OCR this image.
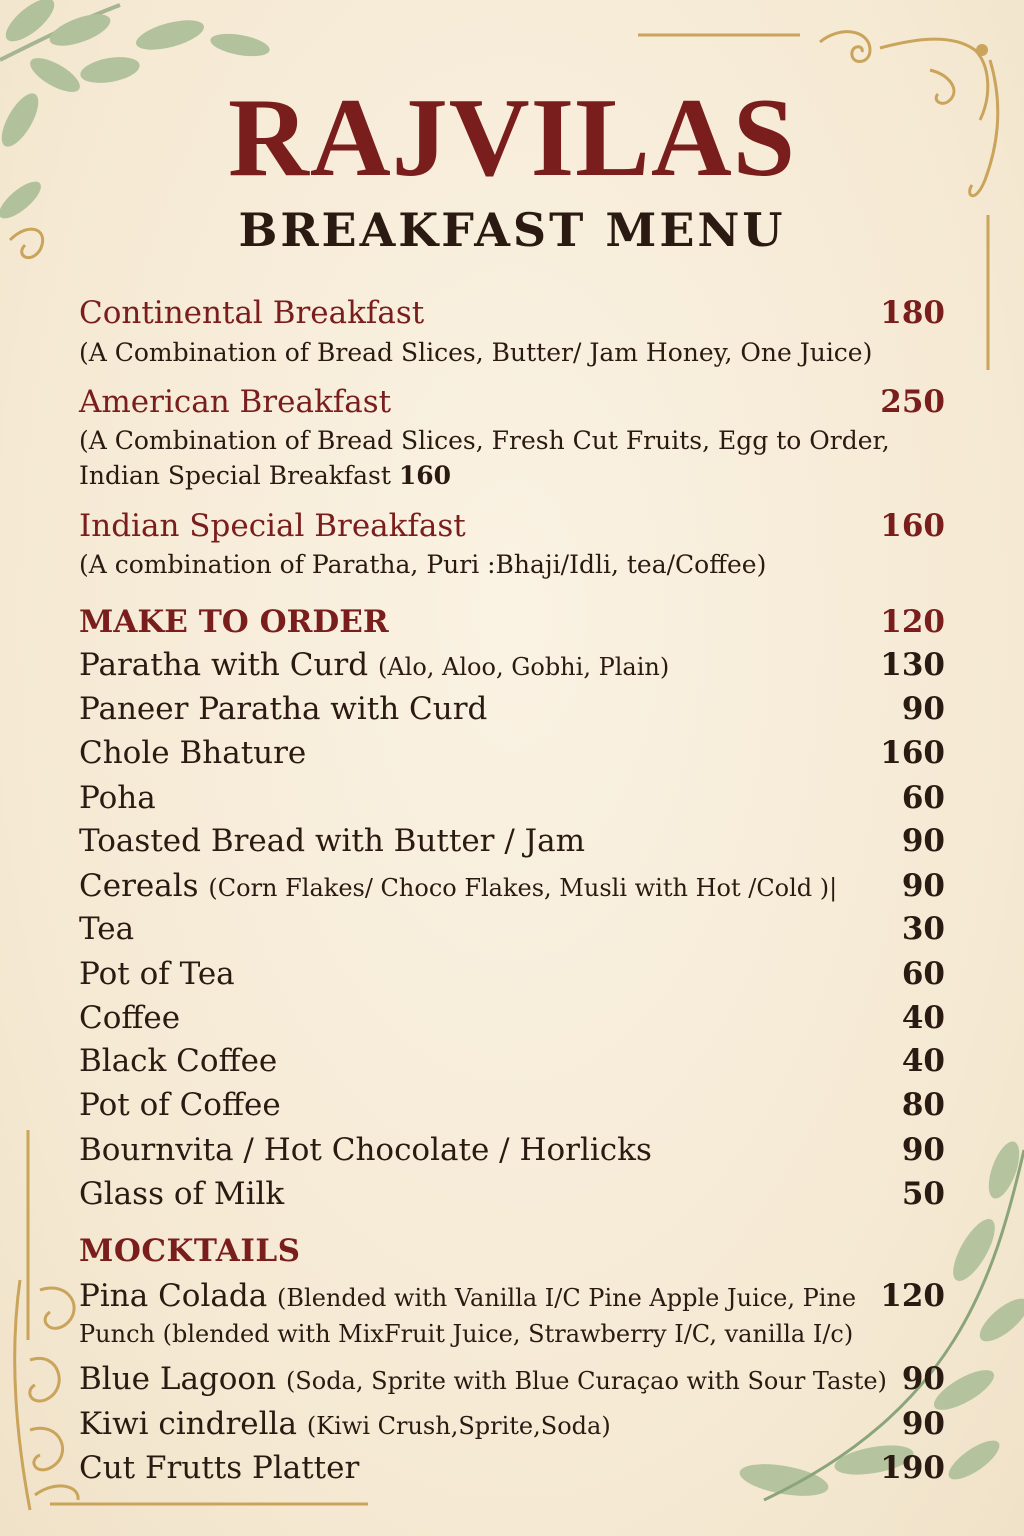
RAJVILAS
BREAKFAST MENU
Continental Breakfast	180
(A Combination of Bread Slices, Butter/ Jam Honey, One Juice)
American Breakfast	250
(A Combination of Bread Slices, Fresh Cut Fruits, Egg to Order,
Indian Special Breakfast 160
Indian Special Breakfast	160
(A combination of Paratha, Puri :Bhaji/Idli, tea/Coffee)
MAKE TO ORDER	120
Paratha with Curd (Alo, Aloo, Gobhi, Plain)	130
Paneer Paratha with Curd	90
Chole Bhature	160
Poha	60
Toasted Bread with Butter / Jam	90
Cereals (Corn Flakes/ Choco Flakes, Musli with Hot /Cold )| 90
Tea	30
Pot of Tea	60
Coffee	40
Black Coffee	40
Pot of Coffee	80
Bournvita / Hot Chocolate / Horlicks	90
Glass of Milk	50
MOCKTAILS
Pina Colada (Blended with Vanilla I/C Pine Apple Juice, Pine 120
Punch (blended with MixFruit Juice, Strawberry I/C, vanilla I/c)
Blue Lagoon (Soda, Sprite with Blue Curaçao with Sour Taste) 90
Kiwi cindrella (Kiwi Crush,Sprite,Soda)	90
Cut Frutts Platter	190
